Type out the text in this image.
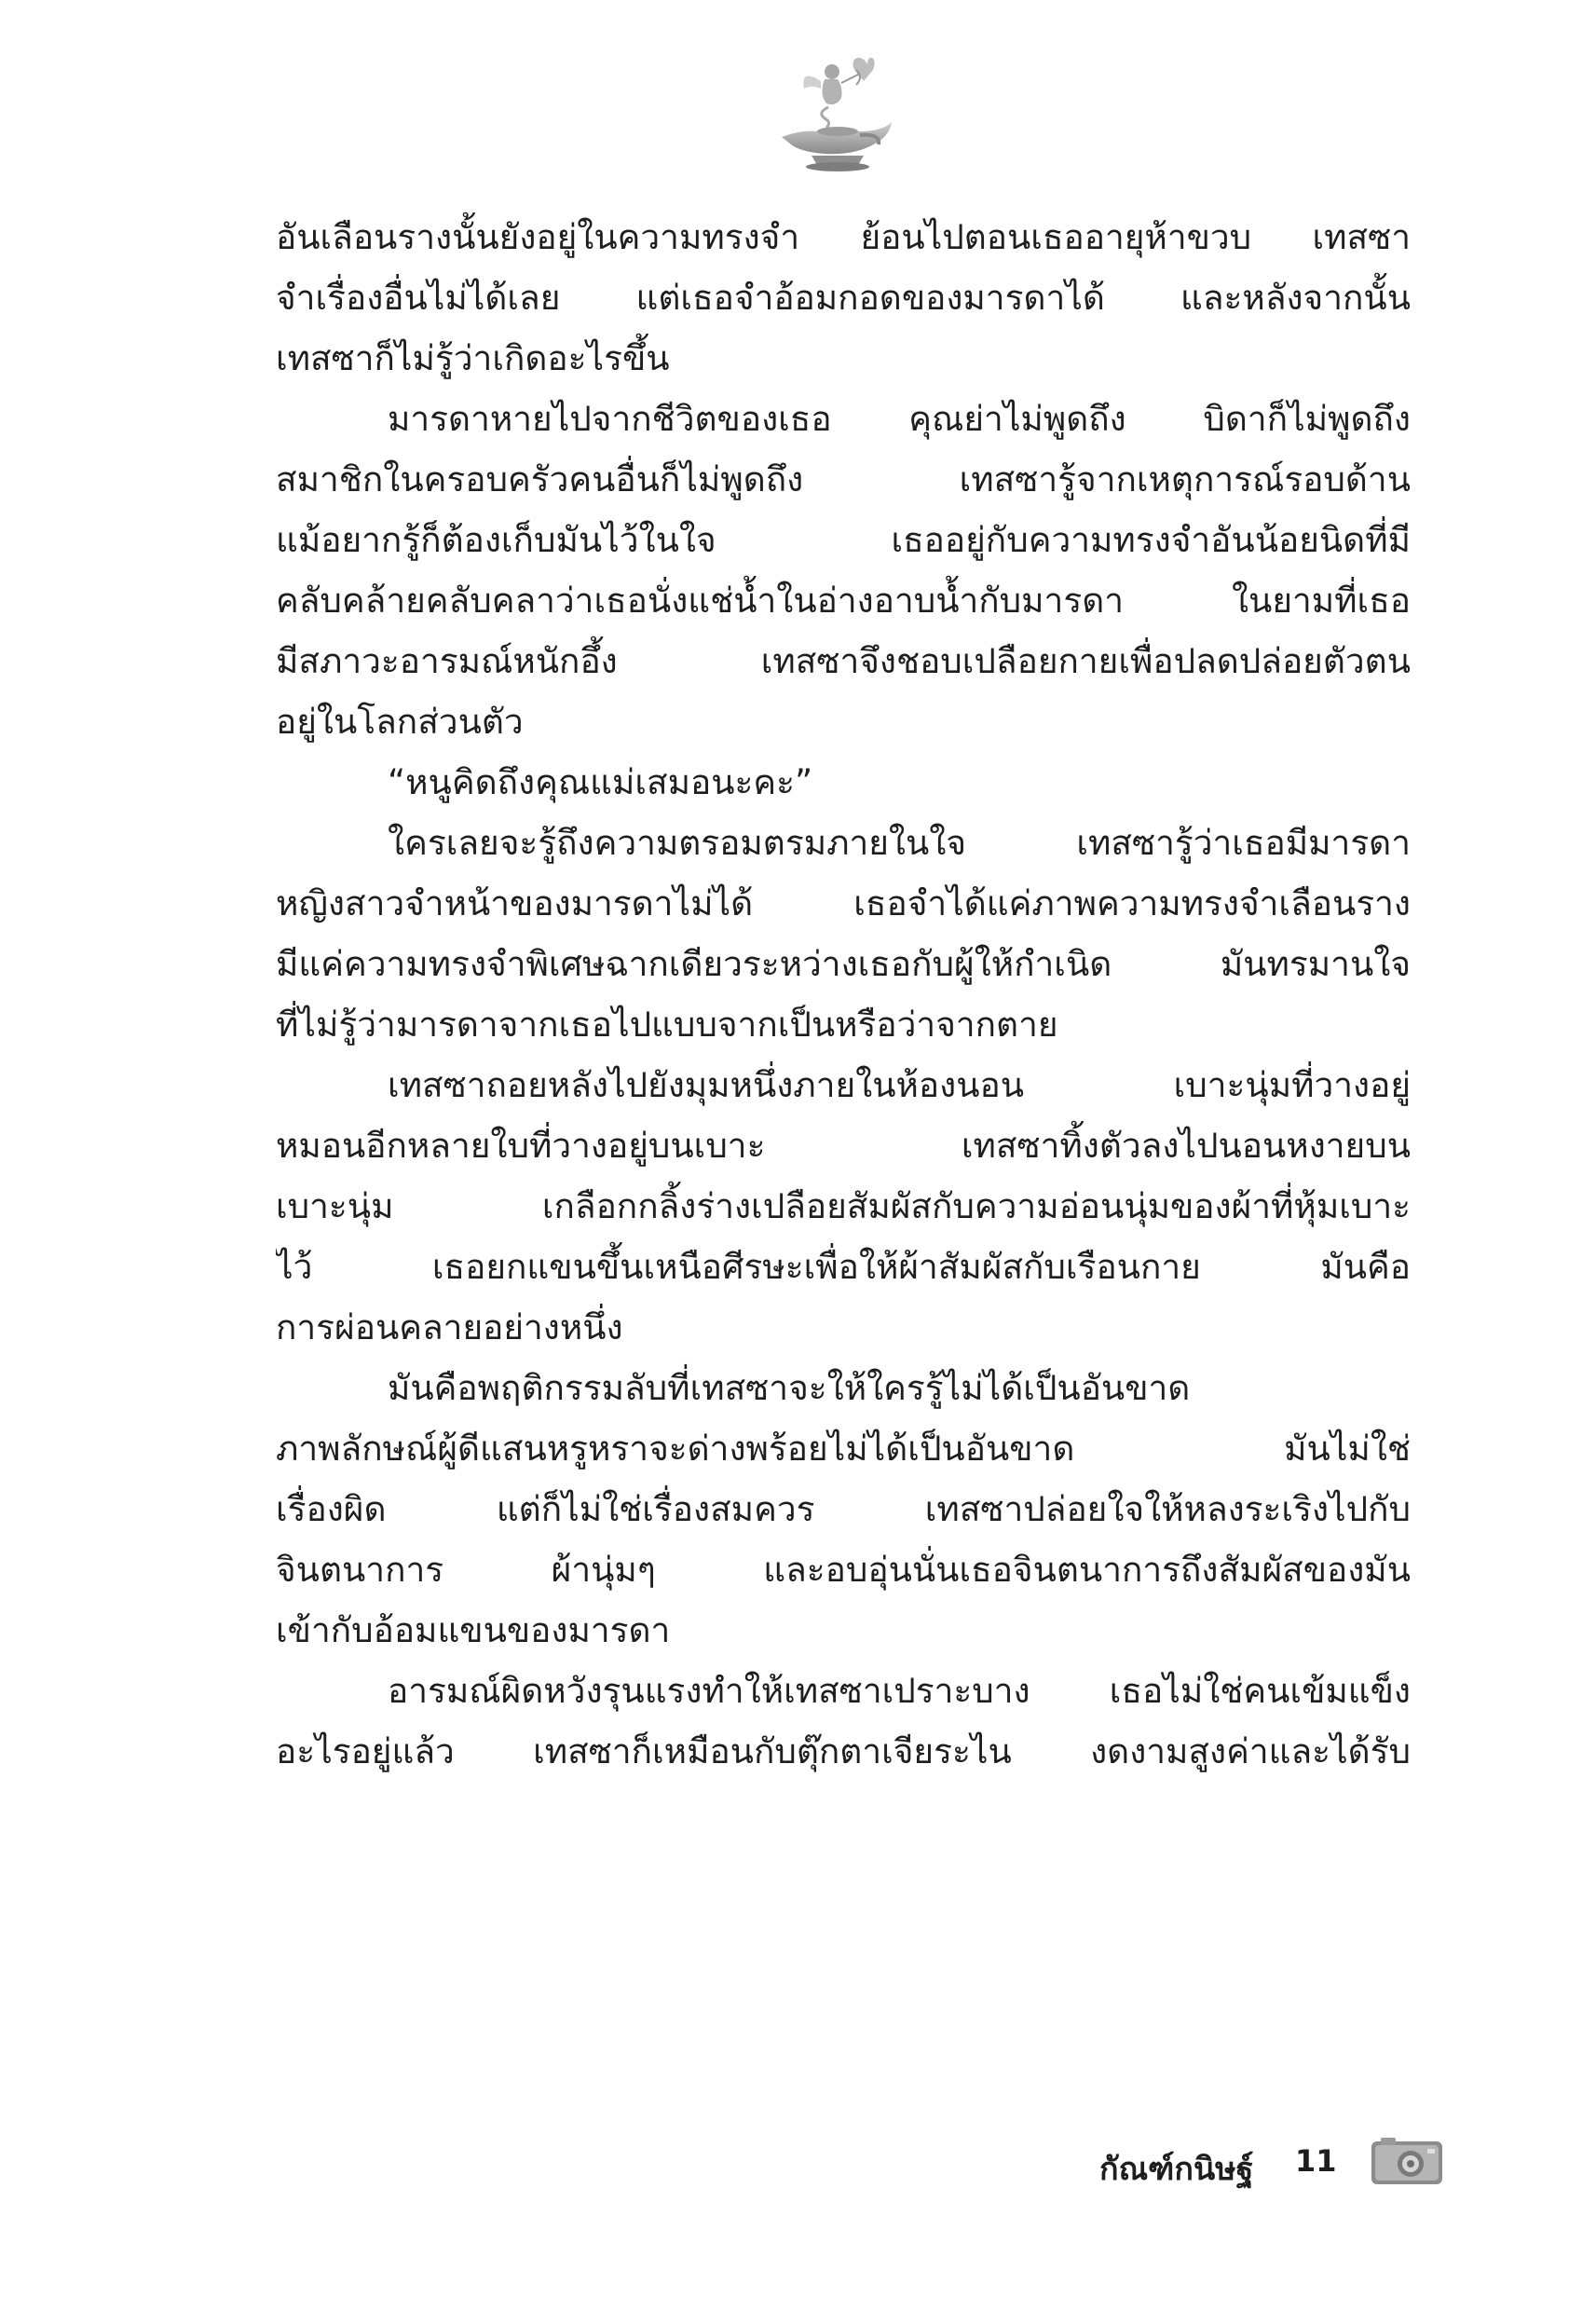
อันเลือนรางนั้นยังอยู่ในความทรงจำ ย้อนไปตอนเธออายุห้าขวบ เทสซา
จำเรื่องอื่นไม่ได้เลย แต่เธอจำอ้อมกอดของมารดาได้ และหลังจากนั้น
เทสซาก็ไม่รู้ว่าเกิดอะไรขึ้น
มารดาหายไปจากชีวิตของเธอ คุณย่าไม่พูดถึง บิดาก็ไม่พูดถึง
สมาชิกในครอบครัวคนอื่นก็ไม่พูดถึง เทสซารู้จากเหตุการณ์รอบด้าน
แม้อยากรู้ก็ต้องเก็บมันไว้ในใจ เธออยู่กับความทรงจำอันน้อยนิดที่มี
คลับคล้ายคลับคลาว่าเธอนั่งแช่น้ำในอ่างอาบน้ำกับมารดา ในยามที่เธอ
มีสภาวะอารมณ์หนักอึ้ง เทสซาจึงชอบเปลือยกายเพื่อปลดปล่อยตัวตน
อยู่ในโลกส่วนตัว
“หนูคิดถึงคุณแม่เสมอนะคะ”
ใครเลยจะรู้ถึงความตรอมตรมภายในใจ เทสซารู้ว่าเธอมีมารดา
หญิงสาวจำหน้าของมารดาไม่ได้ เธอจำได้แค่ภาพความทรงจำเลือนราง
มีแค่ความทรงจำพิเศษฉากเดียวระหว่างเธอกับผู้ให้กำเนิด มันทรมานใจ
ที่ไม่รู้ว่ามารดาจากเธอไปแบบจากเป็นหรือว่าจากตาย
เทสซาถอยหลังไปยังมุมหนึ่งภายในห้องนอน เบาะนุ่มที่วางอยู่
หมอนอีกหลายใบที่วางอยู่บนเบาะ เทสซาทิ้งตัวลงไปนอนหงายบน
เบาะนุ่ม เกลือกกลิ้งร่างเปลือยสัมผัสกับความอ่อนนุ่มของผ้าที่หุ้มเบาะ
ไว้ เธอยกแขนขึ้นเหนือศีรษะเพื่อให้ผ้าสัมผัสกับเรือนกาย มันคือ
การผ่อนคลายอย่างหนึ่ง
มันคือพฤติกรรมลับที่เทสซาจะให้ใครรู้ไม่ได้เป็นอันขาด
ภาพลักษณ์ผู้ดีแสนหรูหราจะด่างพร้อยไม่ได้เป็นอันขาด มันไม่ใช่
เรื่องผิด แต่ก็ไม่ใช่เรื่องสมควร เทสซาปล่อยใจให้หลงระเริงไปกับ
จินตนาการ ผ้านุ่มๆ และอบอุ่นนั่นเธอจินตนาการถึงสัมผัสของมัน
เข้ากับอ้อมแขนของมารดา
อารมณ์ผิดหวังรุนแรงทำให้เทสซาเปราะบาง เธอไม่ใช่คนเข้มแข็ง
อะไรอยู่แล้ว เทสซาก็เหมือนกับตุ๊กตาเจียระไน งดงามสูงค่าและได้รับ
กัณฑ์กนิษฐ์ 11
